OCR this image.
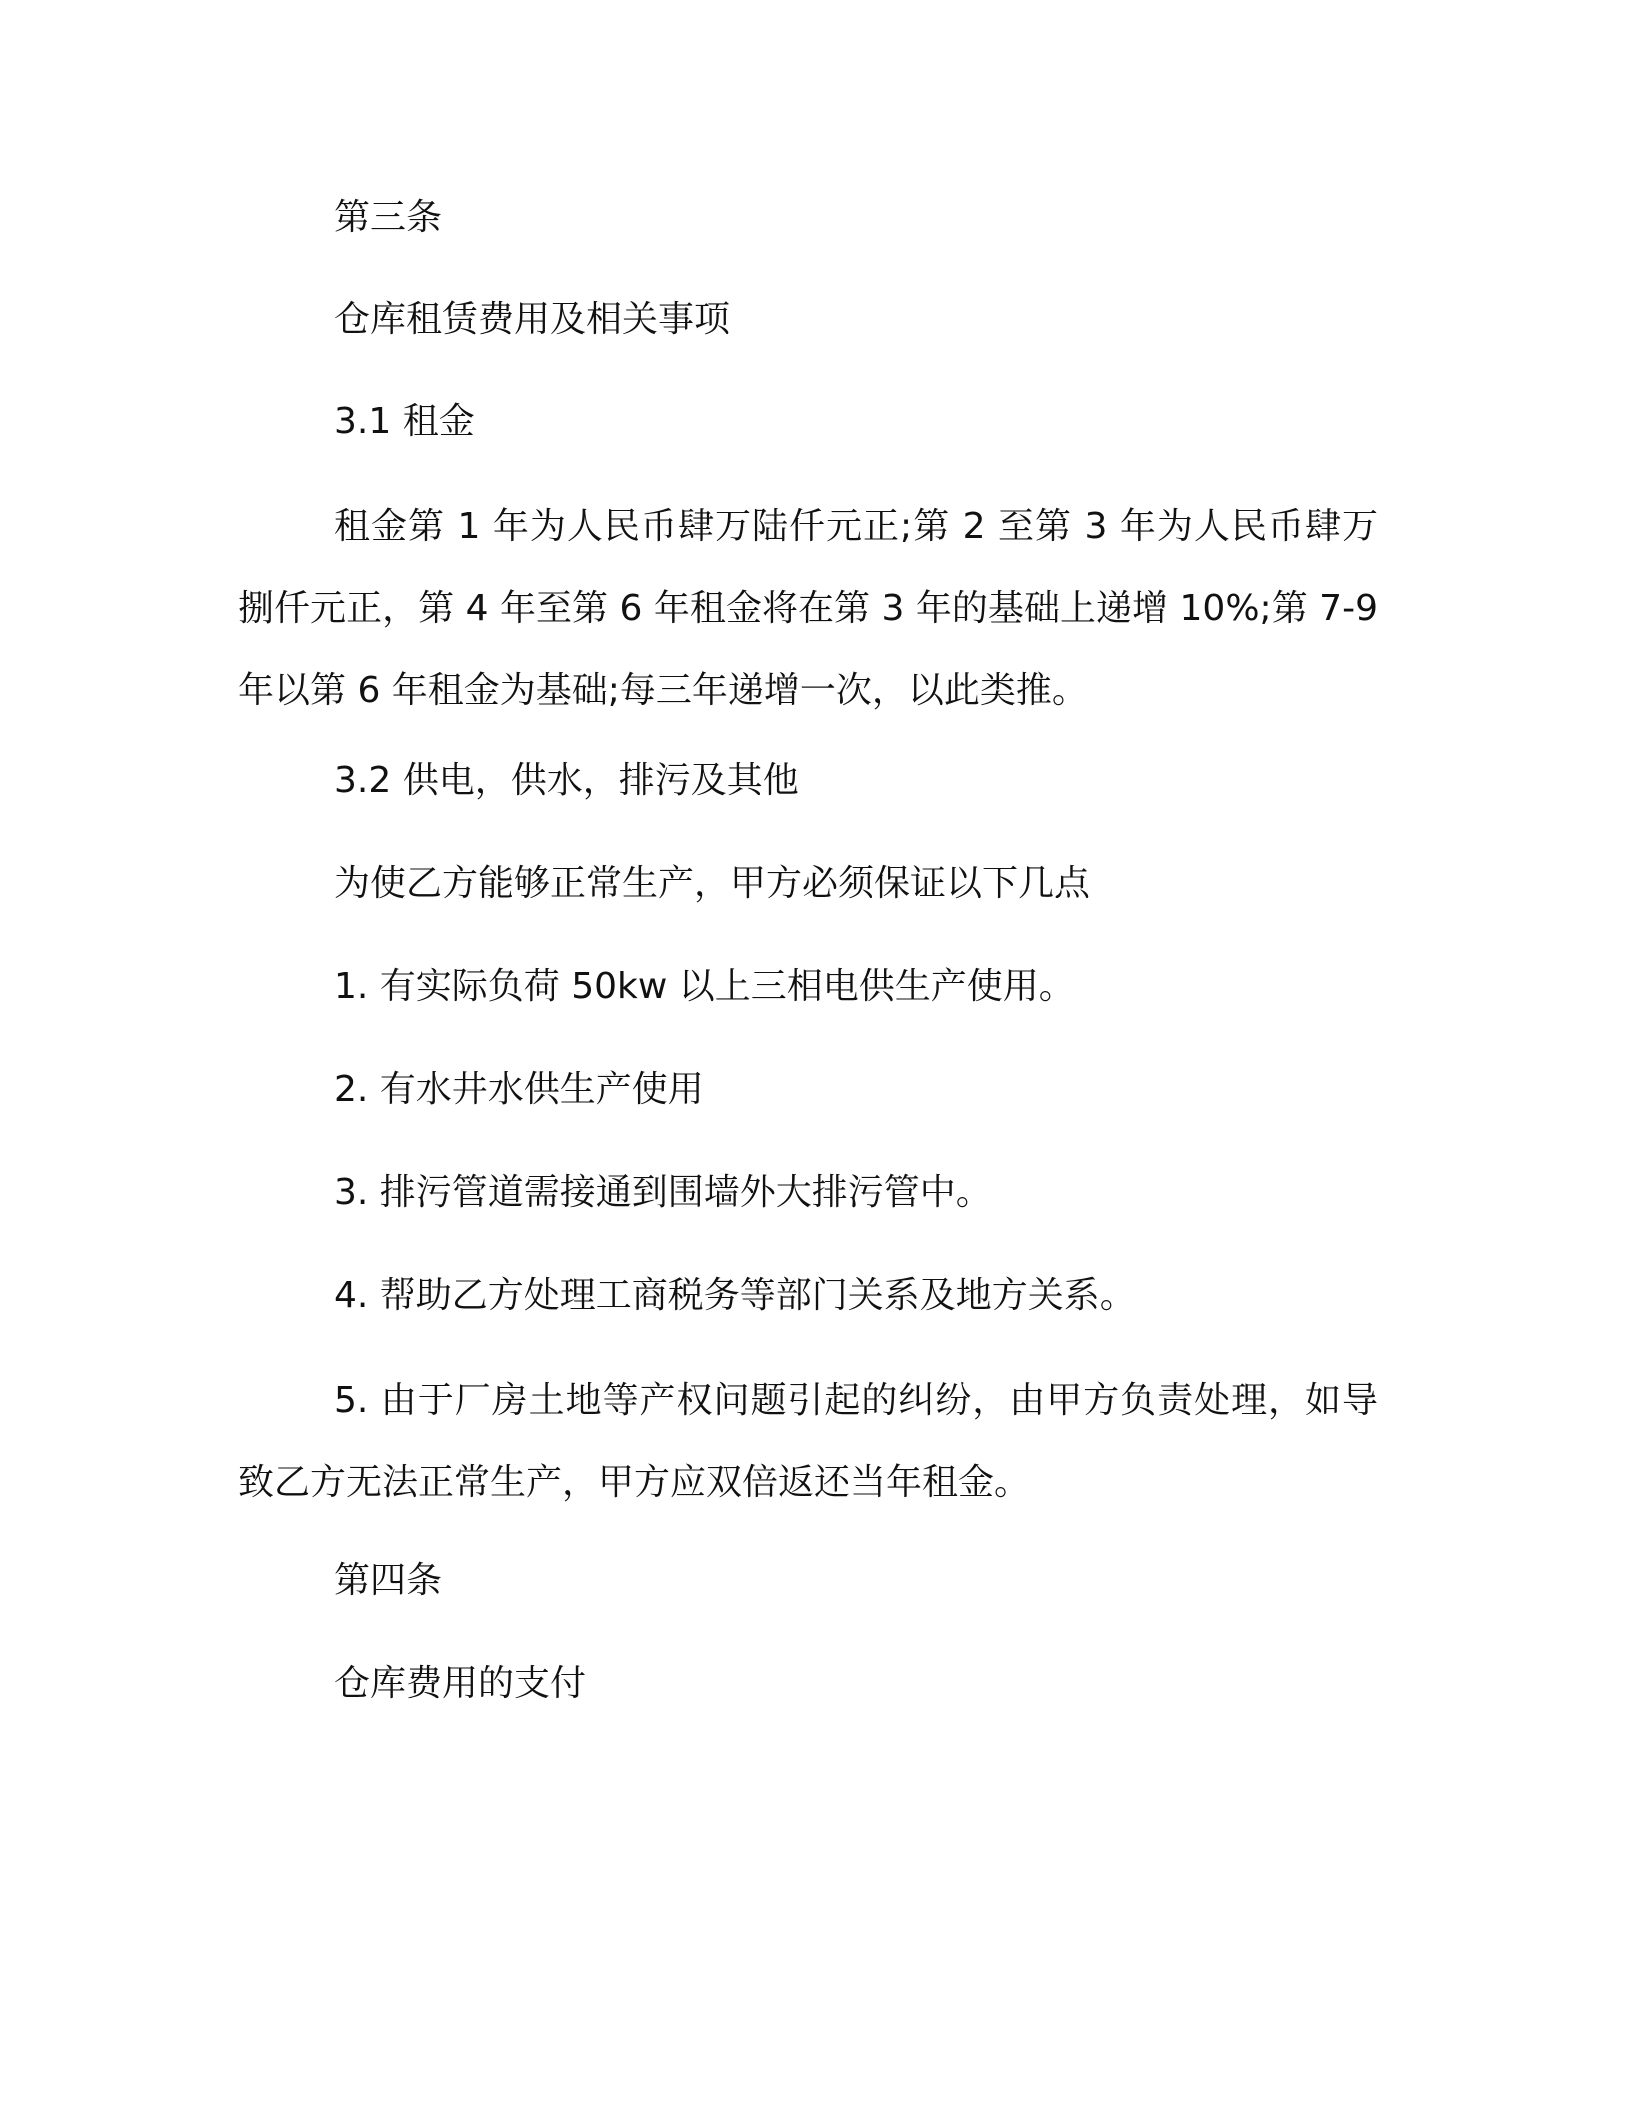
第三条

仓库租赁费用及相关事项

3.1 租金

租金第 1 年为人民币肆万陆仟元正;第 2 至第 3 年为人民币肆万捌仟元正，第 4 年至第 6 年租金将在第 3 年的基础上递增 10%;第 7-9 年以第 6 年租金为基础;每三年递增一次，以此类推。

3.2 供电，供水，排污及其他

为使乙方能够正常生产，甲方必须保证以下几点

1. 有实际负荷 50kw 以上三相电供生产使用。

2. 有水井水供生产使用

3. 排污管道需接通到围墙外大排污管中。

4. 帮助乙方处理工商税务等部门关系及地方关系。

5. 由于厂房土地等产权问题引起的纠纷，由甲方负责处理，如导致乙方无法正常生产，甲方应双倍返还当年租金。

第四条

仓库费用的支付
